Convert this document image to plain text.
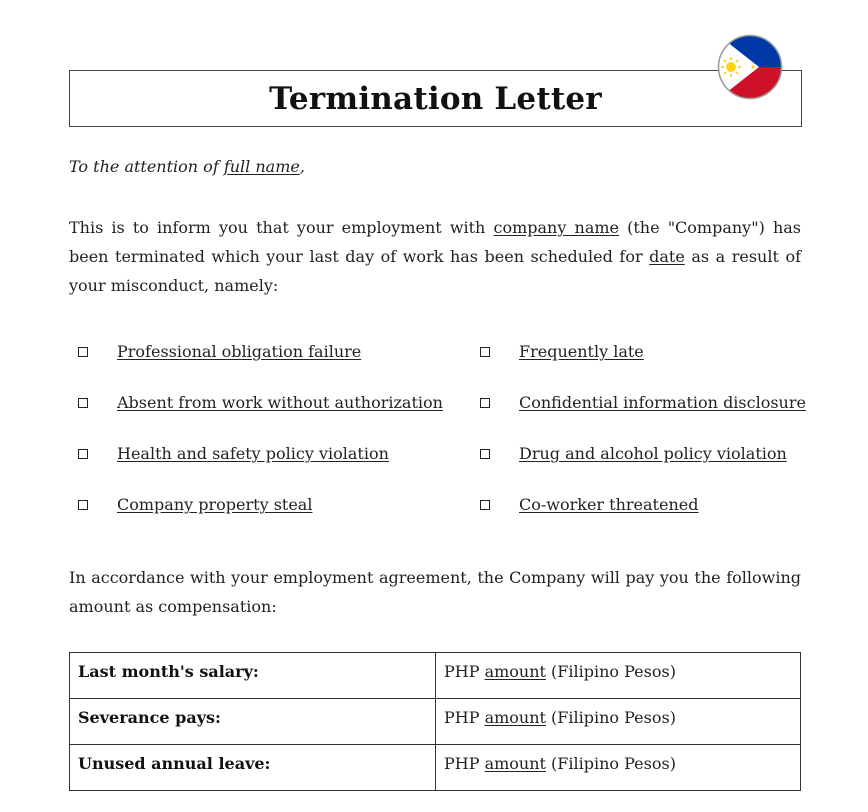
Termination Letter
To the attention of full name,

This is to inform you that your employment with company name (the "Company") has been terminated which your last day of work has been scheduled for date as a result of your misconduct, namely:

Professional obligation failure
Absent from work without authorization
Health and safety policy violation
Company property steal
Frequently late
Confidential information disclosure
Drug and alcohol policy violation
Co-worker threatened

In accordance with your employment agreement, the Company will pay you the following amount as compensation:

Last month's salary:	PHP amount (Filipino Pesos)
Severance pays:	PHP amount (Filipino Pesos)
Unused annual leave:	PHP amount (Filipino Pesos)
